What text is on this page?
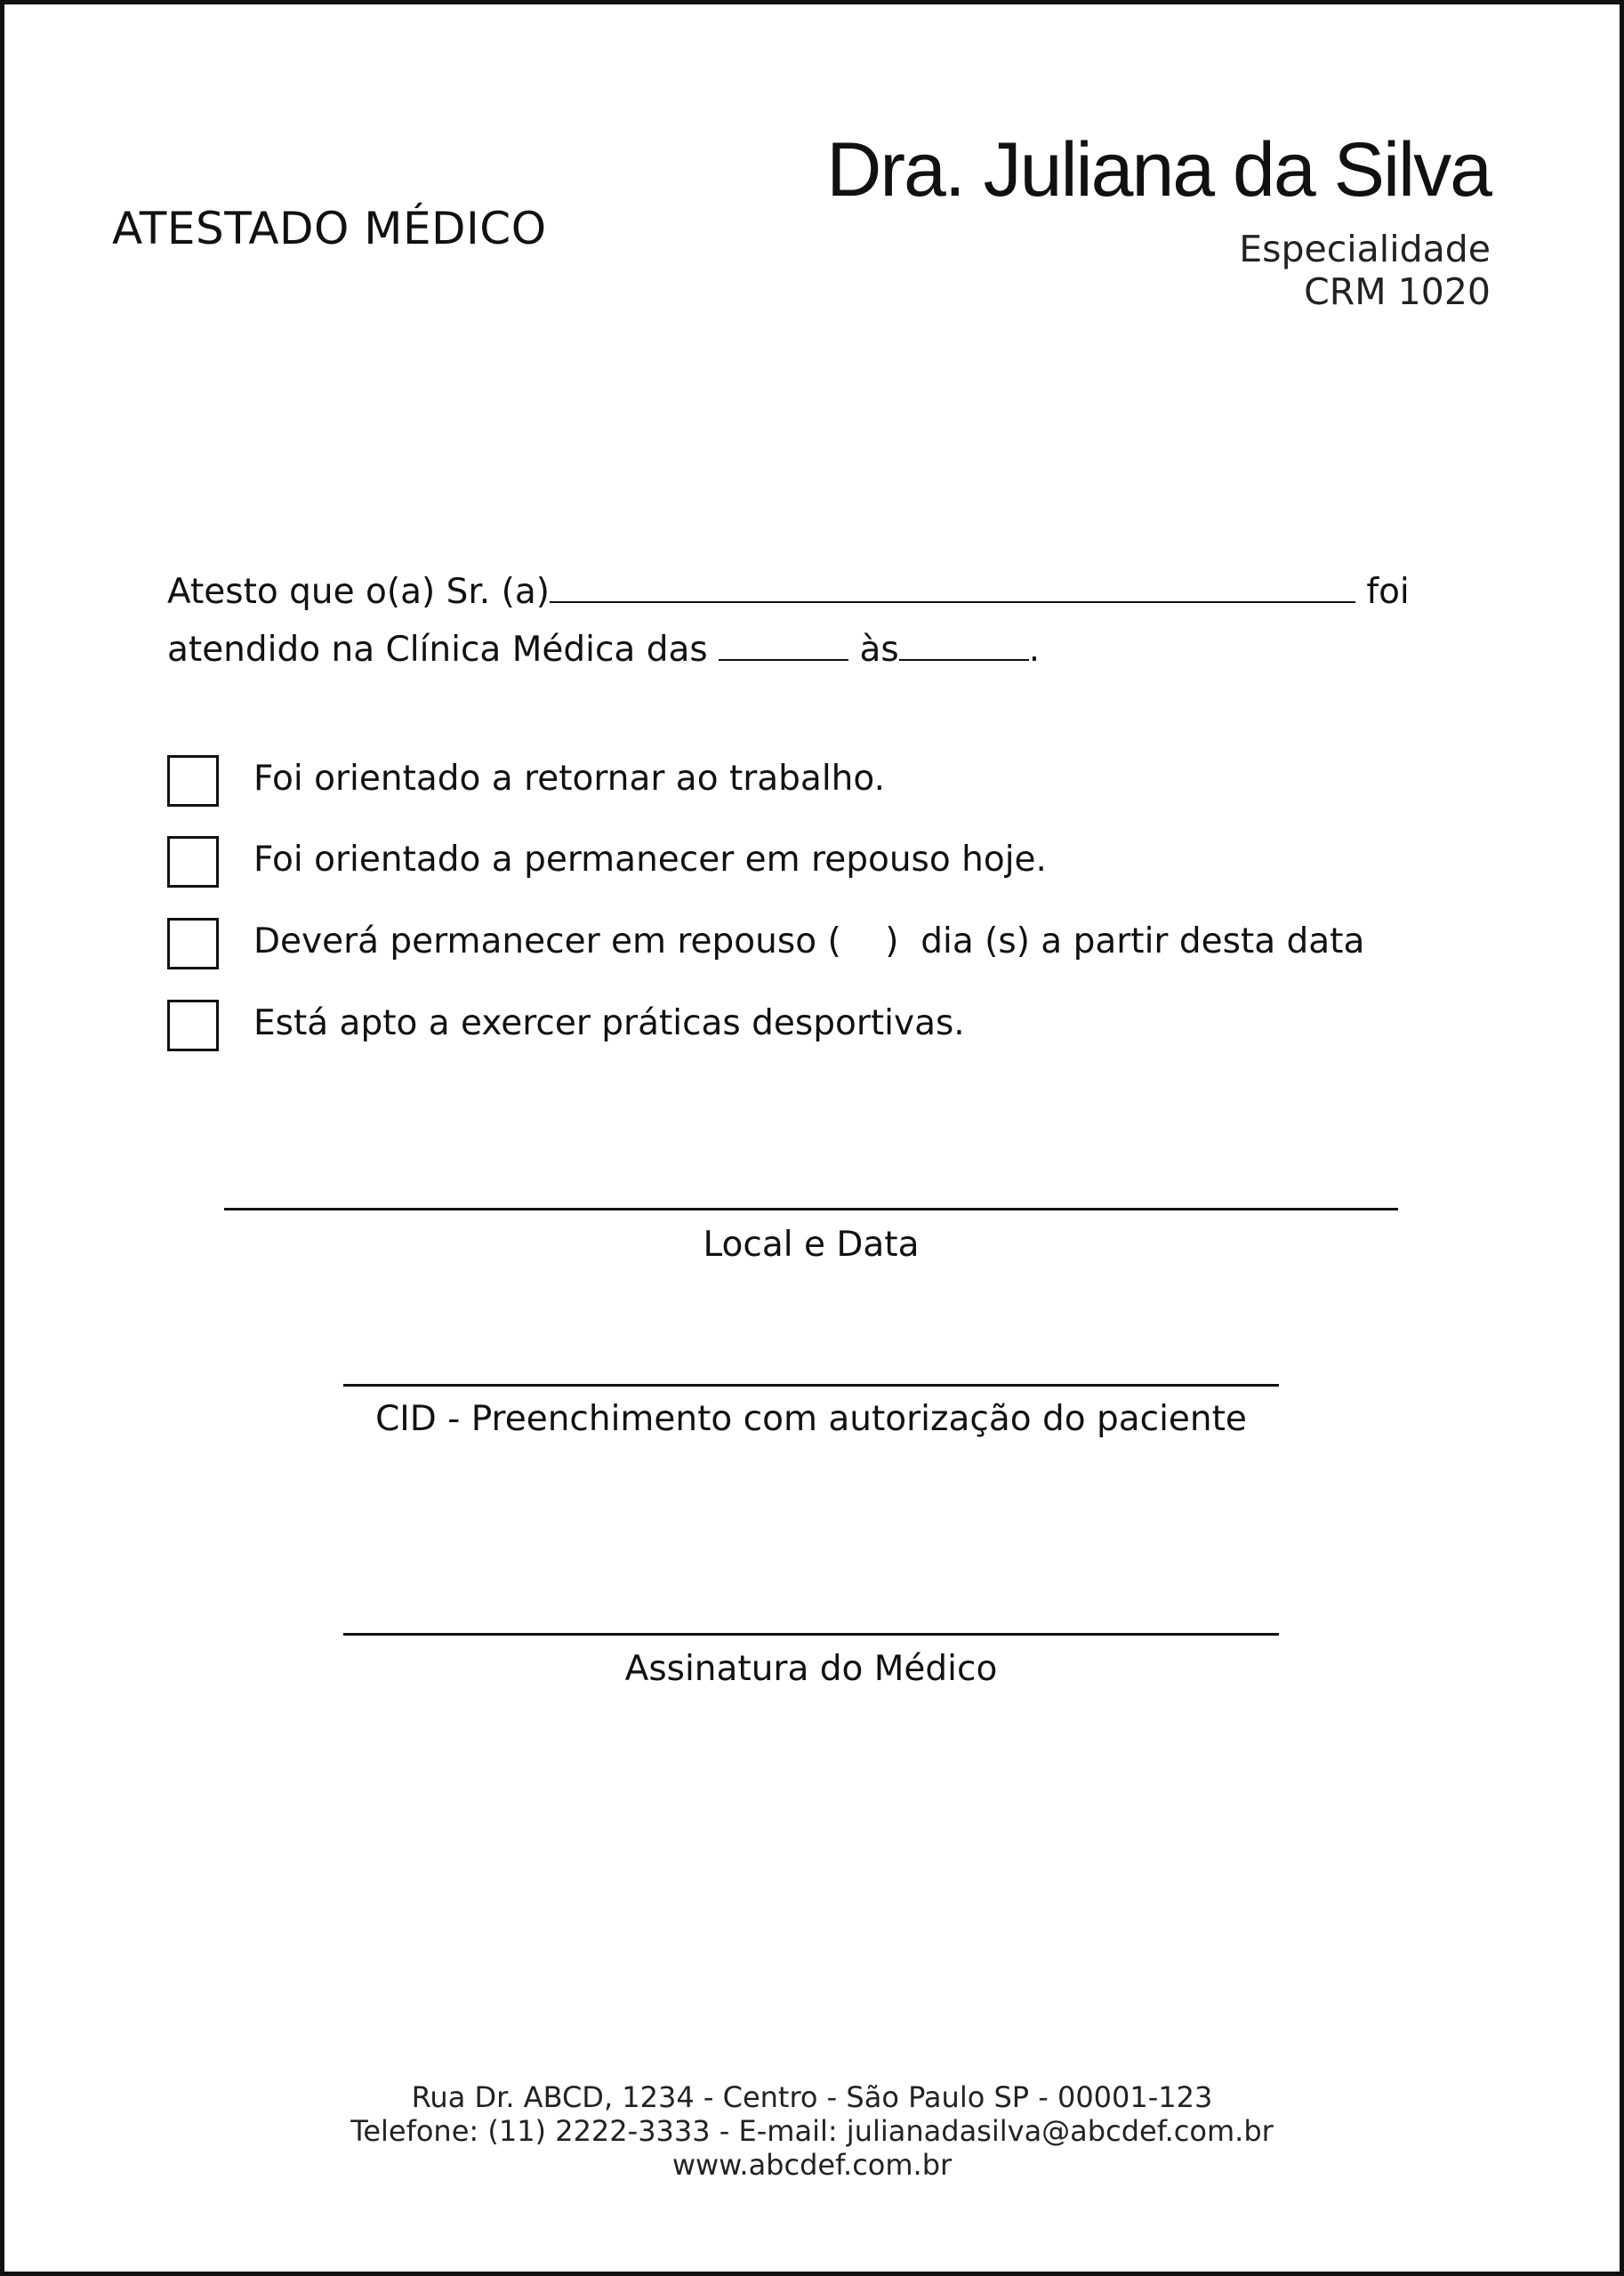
ATESTADO MÉDICO
Dra. Juliana da Silva
Especialidade
CRM 1020
Atesto que o(a) Sr. (a)	foi
atendido na Clínica Médica das	às	.
Foi orientado a retornar ao trabalho.
Foi orientado a permanecer em repouso hoje.
Deverá permanecer em repouso (    )  dia (s) a partir desta data
Está apto a exercer práticas desportivas.
Local e Data
CID - Preenchimento com autorização do paciente
Assinatura do Médico
Rua Dr. ABCD, 1234 - Centro - São Paulo SP - 00001-123
Telefone: (11) 2222-3333 - E-mail: julianadasilva@abcdef.com.br
www.abcdef.com.br
